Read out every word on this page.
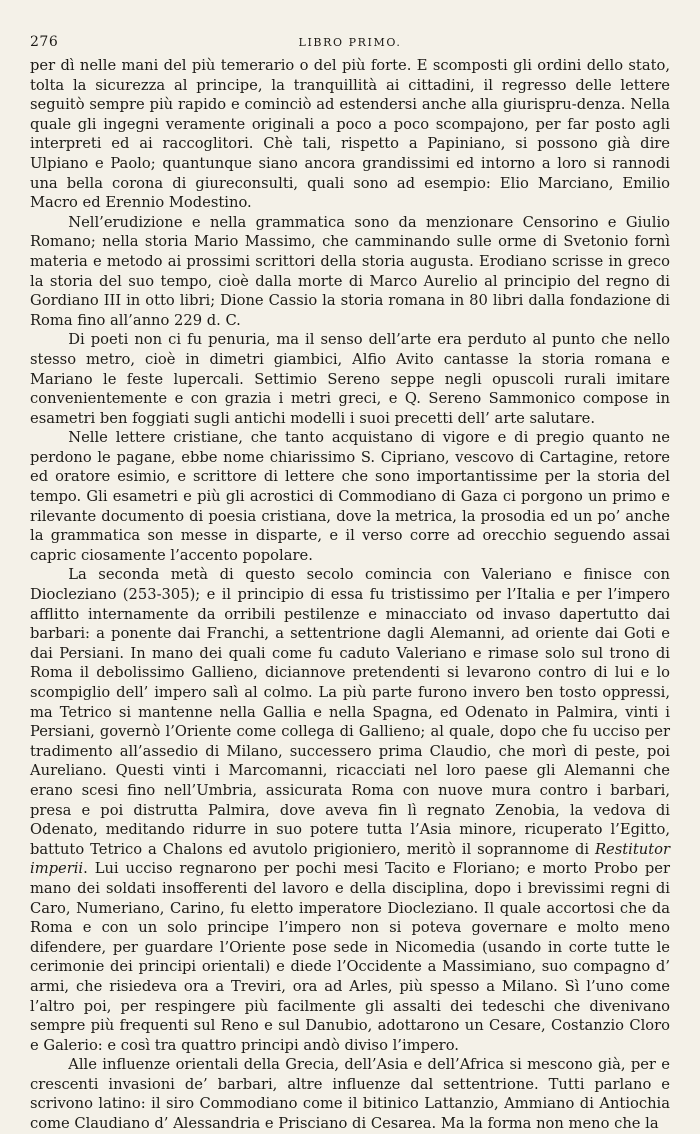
276	LIBRO PRIMO.

per dì nelle mani del più temerario o del più forte. E scomposti gli ordini dello stato, tolta la sicurezza al principe, la tranquillità ai cittadini, il regresso delle lettere seguitò sempre più rapido e cominciò ad estendersi anche alla giurispru-denza. Nella quale gli ingegni veramente originali a poco a poco scompajono, per far posto agli interpreti ed ai raccoglitori. Chè tali, rispetto a Papiniano, si possono già dire Ulpiano e Paolo; quantunque siano ancora grandissimi ed intorno a loro si rannodi una bella corona di giureconsulti, quali sono ad esempio: Elio Marciano, Emilio Macro ed Erennio Modestino.

Nell’erudizione e nella grammatica sono da menzionare Censorino e Giulio Romano; nella storia Mario Massimo, che camminando sulle orme di Svetonio fornì materia e metodo ai prossimi scrittori della storia augusta. Erodiano scrisse in greco la storia del suo tempo, cioè dalla morte di Marco Aurelio al principio del regno di Gordiano III in otto libri; Dione Cassio la storia romana in 80 libri dalla fondazione di Roma fino all’anno 229 d. C.

Di poeti non ci fu penuria, ma il senso dell’arte era perduto al punto che nello stesso metro, cioè in dimetri giambici, Alfio Avito cantasse la storia romana e Mariano le feste lupercali. Settimio Sereno seppe negli opuscoli rurali imitare convenientemente e con grazia i metri greci, e Q. Sereno Sammonico compose in esametri ben foggiati sugli antichi modelli i suoi precetti dell’ arte salutare.

Nelle lettere cristiane, che tanto acquistano di vigore e di pregio quanto ne perdono le pagane, ebbe nome chiarissimo S. Cipriano, vescovo di Cartagine, retore ed oratore esimio, e scrittore di lettere che sono importantissime per la storia del tempo. Gli esametri e più gli acrostici di Commodiano di Gaza ci porgono un primo e rilevante documento di poesia cristiana, dove la metrica, la prosodia ed un po’ anche la grammatica son messe in disparte, e il verso corre ad orecchio seguendo assai capric ciosamente l’accento popolare.

La seconda metà di questo secolo comincia con Valeriano e finisce con Diocleziano (253-305); e il principio di essa fu tristissimo per l’Italia e per l’impero afflitto internamente da orribili pestilenze e minacciato od invaso dapertutto dai barbari: a ponente dai Franchi, a settentrione dagli Alemanni, ad oriente dai Goti e dai Persiani. In mano dei quali come fu caduto Valeriano e rimase solo sul trono di Roma il debolissimo Gallieno, diciannove pretendenti si levarono contro di lui e lo scompiglio dell’ impero salì al colmo. La più parte furono invero ben tosto oppressi, ma Tetrico si mantenne nella Gallia e nella Spagna, ed Odenato in Palmira, vinti i Persiani, governò l’Oriente come collega di Gallieno; al quale, dopo che fu ucciso per tradimento all’assedio di Milano, successero prima Claudio, che morì di peste, poi Aureliano. Questi vinti i Marcomanni, ricacciati nel loro paese gli Alemanni che erano scesi fino nell’Umbria, assicurata Roma con nuove mura contro i barbari, presa e poi distrutta Palmira, dove aveva fin lì regnato Zenobia, la vedova di Odenato, meditando ridurre in suo potere tutta l’Asia minore, ricuperato l’Egitto, battuto Tetrico a Chalons ed avutolo prigioniero, meritò il soprannome di Restitutor imperii. Lui ucciso regnarono per pochi mesi Tacito e Floriano; e morto Probo per mano dei soldati insofferenti del lavoro e della disciplina, dopo i brevissimi regni di Caro, Numeriano, Carino, fu eletto imperatore Diocleziano. Il quale accortosi che da Roma e con un solo principe l’impero non si poteva governare e molto meno difendere, per guardare l’Oriente pose sede in Nicomedia (usando in corte tutte le cerimonie dei principi orientali) e diede l’Occidente a Massimiano, suo compagno d’ armi, che risiedeva ora a Treviri, ora ad Arles, più spesso a Milano. Sì l’uno come l’altro poi, per respingere più facilmente gli assalti dei tedeschi che divenivano sempre più frequenti sul Reno e sul Danubio, adottarono un Cesare, Costanzio Cloro e Galerio: e così tra quattro principi andò diviso l’impero.

Alle influenze orientali della Grecia, dell’Asia e dell’Africa si mescono già, per e crescenti invasioni de’ barbari, altre influenze dal settentrione. Tutti parlano e scrivono latino: il siro Commodiano come il bitinico Lattanzio, Ammiano di Antiochia come Claudiano d’ Alessandria e Prisciano di Cesarea. Ma la forma non meno che la
